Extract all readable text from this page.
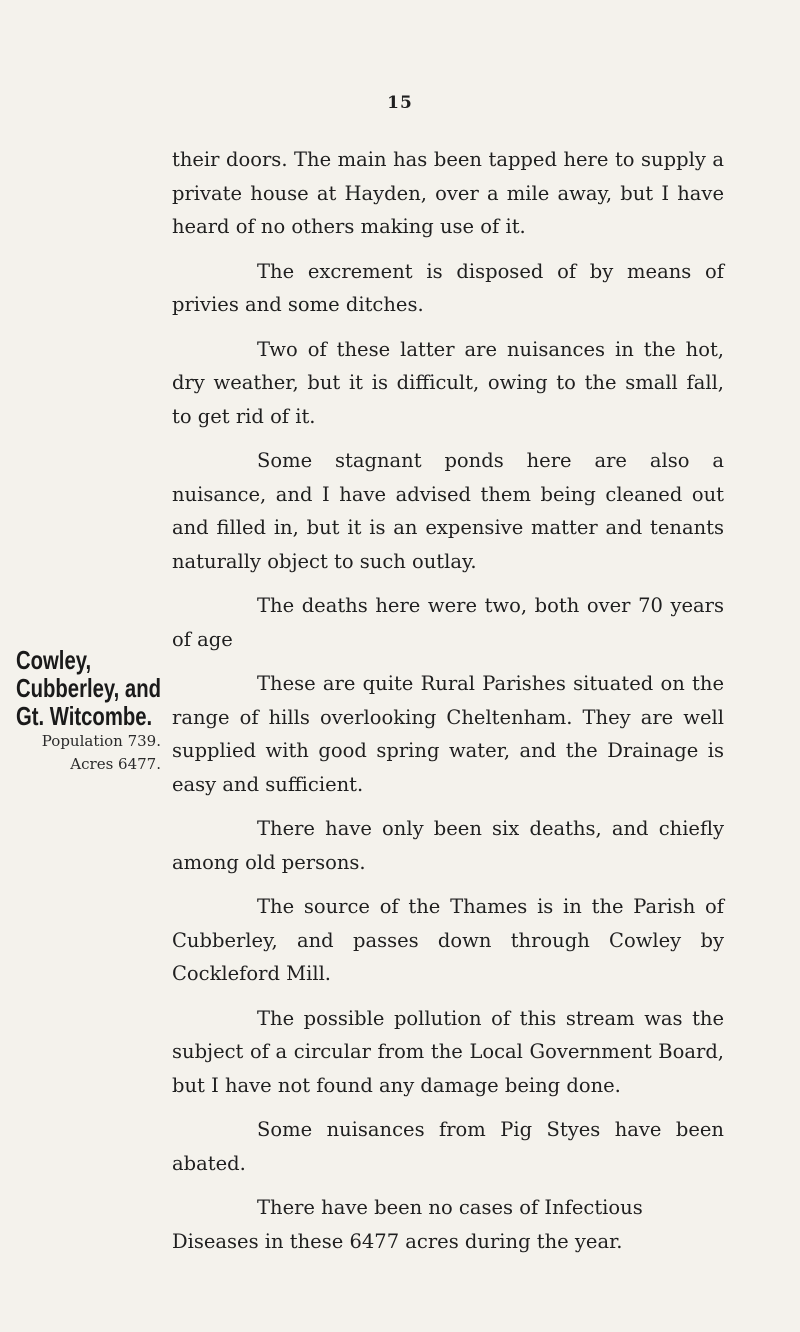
15
Cowley,
Cubberley, and
Gt. Witcombe.
Population 739.
Acres 6477.

their doors. The main has been tapped here to supply a private house at Hayden, over a mile away, but I have heard of no others making use of it.

The excrement is disposed of by means of privies and some ditches.

Two of these latter are nuisances in the hot, dry weather, but it is difficult, owing to the small fall, to get rid of it.

Some stagnant ponds here are also a nuisance, and I have advised them being cleaned out and filled in, but it is an expensive matter and tenants naturally object to such outlay.

The deaths here were two, both over 70 years of age

These are quite Rural Parishes situated on the range of hills overlooking Cheltenham. They are well supplied with good spring water, and the Drainage is easy and sufficient.

There have only been six deaths, and chiefly among old persons.

The source of the Thames is in the Parish of Cubberley, and passes down through Cowley by Cockleford Mill.

The possible pollution of this stream was the subject of a circular from the Local Government Board, but I have not found any damage being done.

Some nuisances from Pig Styes have been abated.

There have been no cases of Infectious Diseases in these 6477 acres during the year.
